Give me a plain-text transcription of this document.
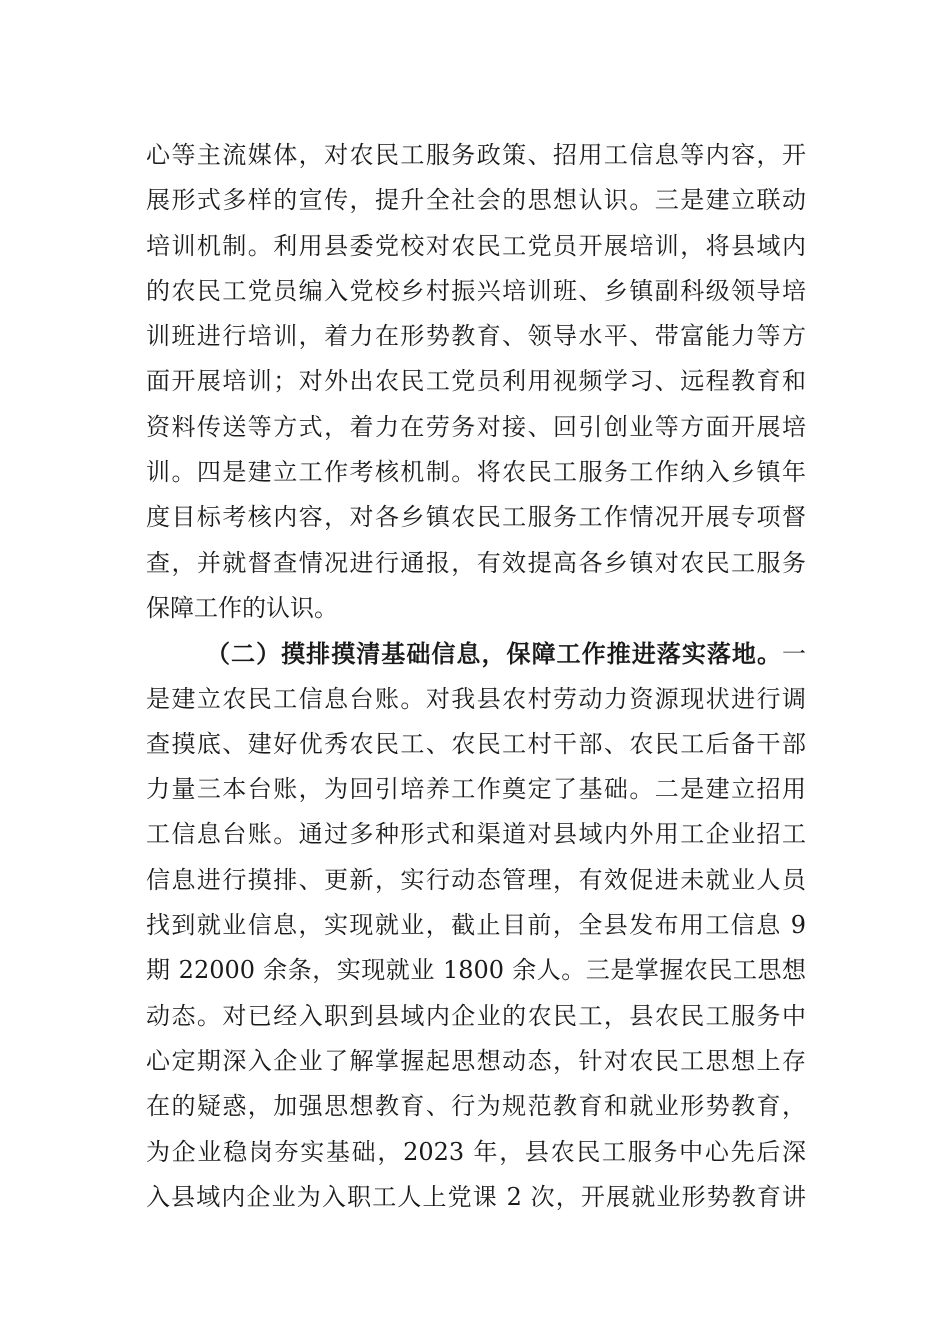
心等主流媒体，对农民工服务政策、招用工信息等内容，开
展形式多样的宣传，提升全社会的思想认识。三是建立联动
培训机制。利用县委党校对农民工党员开展培训，将县域内
的农民工党员编入党校乡村振兴培训班、乡镇副科级领导培
训班进行培训，着力在形势教育、领导水平、带富能力等方
面开展培训；对外出农民工党员利用视频学习、远程教育和
资料传送等方式，着力在劳务对接、回引创业等方面开展培
训。四是建立工作考核机制。将农民工服务工作纳入乡镇年
度目标考核内容，对各乡镇农民工服务工作情况开展专项督
查，并就督查情况进行通报，有效提高各乡镇对农民工服务
保障工作的认识。
（二）摸排摸清基础信息，保障工作推进落实落地。一
是建立农民工信息台账。对我县农村劳动力资源现状进行调
查摸底、建好优秀农民工、农民工村干部、农民工后备干部
力量三本台账，为回引培养工作奠定了基础。二是建立招用
工信息台账。通过多种形式和渠道对县域内外用工企业招工
信息进行摸排、更新，实行动态管理，有效促进未就业人员
找到就业信息，实现就业，截止目前，全县发布用工信息 9
期 22000 余条，实现就业 1800 余人。三是掌握农民工思想
动态。对已经入职到县域内企业的农民工，县农民工服务中
心定期深入企业了解掌握起思想动态，针对农民工思想上存
在的疑惑，加强思想教育、行为规范教育和就业形势教育，
为企业稳岗夯实基础，2023 年，县农民工服务中心先后深
入县域内企业为入职工人上党课 2 次，开展就业形势教育讲
